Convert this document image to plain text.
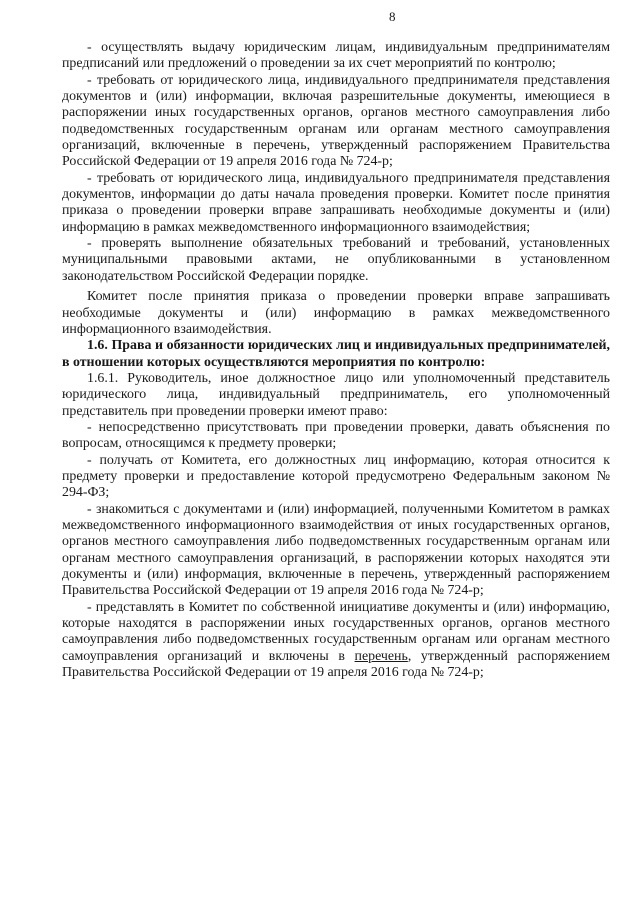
8

- осуществлять выдачу юридическим лицам, индивидуальным предпринимателям предписаний или предложений о проведении за их счет мероприятий по контролю;

- требовать от юридического лица, индивидуального предпринимателя представления документов и (или) информации, включая разрешительные документы, имеющиеся в распоряжении иных государственных органов, органов местного самоуправления либо подведомственных государственным органам или органам местного самоуправления организаций, включенные в перечень, утвержденный распоряжением Правительства Российской Федерации от 19 апреля 2016 года № 724-р;

- требовать от юридического лица, индивидуального предпринимателя представления документов, информации до даты начала проведения проверки. Комитет после принятия приказа о проведении проверки вправе запрашивать необходимые документы и (или) информацию в рамках межведомственного информационного взаимодействия;

- проверять выполнение обязательных требований и требований, установленных муниципальными правовыми актами, не опубликованными в установленном законодательством Российской Федерации порядке.

Комитет после принятия приказа о проведении проверки вправе запрашивать необходимые документы и (или) информацию в рамках межведомственного информационного взаимодействия.

1.6. Права и обязанности юридических лиц и индивидуальных предпринимателей, в отношении которых осуществляются мероприятия по контролю:

1.6.1. Руководитель, иное должностное лицо или уполномоченный представитель юридического лица, индивидуальный предприниматель, его уполномоченный представитель при проведении проверки имеют право:

- непосредственно присутствовать при проведении проверки, давать объяснения по вопросам, относящимся к предмету проверки;

- получать от Комитета, его должностных лиц информацию, которая относится к предмету проверки и предоставление которой предусмотрено Федеральным законом № 294-ФЗ;

- знакомиться с документами и (или) информацией, полученными Комитетом в рамках межведомственного информационного взаимодействия от иных государственных органов, органов местного самоуправления либо подведомственных государственным органам или органам местного самоуправления организаций, в распоряжении которых находятся эти документы и (или) информация, включенные в перечень, утвержденный распоряжением Правительства Российской Федерации от 19 апреля 2016 года № 724-р;

- представлять в Комитет по собственной инициативе документы и (или) информацию, которые находятся в распоряжении иных государственных органов, органов местного самоуправления либо подведомственных государственным органам или органам местного самоуправления организаций и включены в перечень, утвержденный распоряжением Правительства Российской Федерации от 19 апреля 2016 года № 724-р;
